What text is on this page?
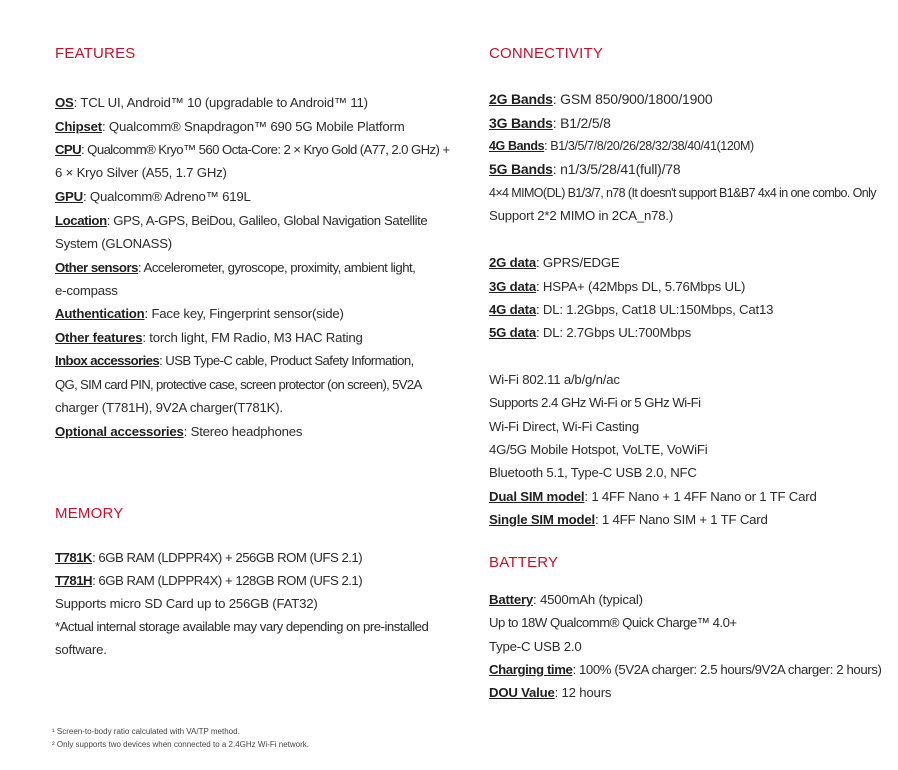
FEATURES
OS: TCL UI, Android™ 10 (upgradable to Android™ 11)
Chipset: Qualcomm® Snapdragon™ 690 5G Mobile Platform
CPU: Qualcomm® Kryo™ 560 Octa-Core: 2 × Kryo Gold (A77, 2.0 GHz) +
6 × Kryo Silver (A55, 1.7 GHz)
GPU: Qualcomm® Adreno™ 619L
Location: GPS, A-GPS, BeiDou, Galileo, Global Navigation Satellite
System (GLONASS)
Other sensors: Accelerometer, gyroscope, proximity, ambient light,
e-compass
Authentication: Face key, Fingerprint sensor(side)
Other features: torch light, FM Radio, M3 HAC Rating
Inbox accessories: USB Type-C cable, Product Safety Information,
QG, SIM card PIN, protective case, screen protector (on screen), 5V2A
charger (T781H), 9V2A charger(T781K).
Optional accessories: Stereo headphones
MEMORY
T781K: 6GB RAM (LDPPR4X) + 256GB ROM (UFS 2.1)
T781H: 6GB RAM (LDPPR4X) + 128GB ROM (UFS 2.1)
Supports micro SD Card up to 256GB (FAT32)
*Actual internal storage available may vary depending on pre-installed
software.
¹ Screen-to-body ratio calculated with VA/TP method.
² Only supports two devices when connected to a 2.4GHz Wi-Fi network.
CONNECTIVITY
2G Bands: GSM 850/900/1800/1900
3G Bands: B1/2/5/8
4G Bands: B1/3/5/7/8/20/26/28/32/38/40/41(120M)
5G Bands: n1/3/5/28/41(full)/78
4×4 MIMO(DL) B1/3/7, n78 (It doesn't support B1&B7 4x4 in one combo. Only
Support 2*2 MIMO in 2CA_n78.)
2G data: GPRS/EDGE
3G data: HSPA+ (42Mbps DL, 5.76Mbps UL)
4G data: DL: 1.2Gbps, Cat18 UL:150Mbps, Cat13
5G data: DL: 2.7Gbps UL:700Mbps
Wi-Fi 802.11 a/b/g/n/ac
Supports 2.4 GHz Wi-Fi or 5 GHz Wi-Fi
Wi-Fi Direct, Wi-Fi Casting
4G/5G Mobile Hotspot, VoLTE, VoWiFi
Bluetooth 5.1, Type-C USB 2.0, NFC
Dual SIM model: 1 4FF Nano + 1 4FF Nano or 1 TF Card
Single SIM model: 1 4FF Nano SIM + 1 TF Card
BATTERY
Battery: 4500mAh (typical)
Up to 18W Qualcomm® Quick Charge™ 4.0+
Type-C USB 2.0
Charging time: 100% (5V2A charger: 2.5 hours/9V2A charger: 2 hours)
DOU Value: 12 hours
